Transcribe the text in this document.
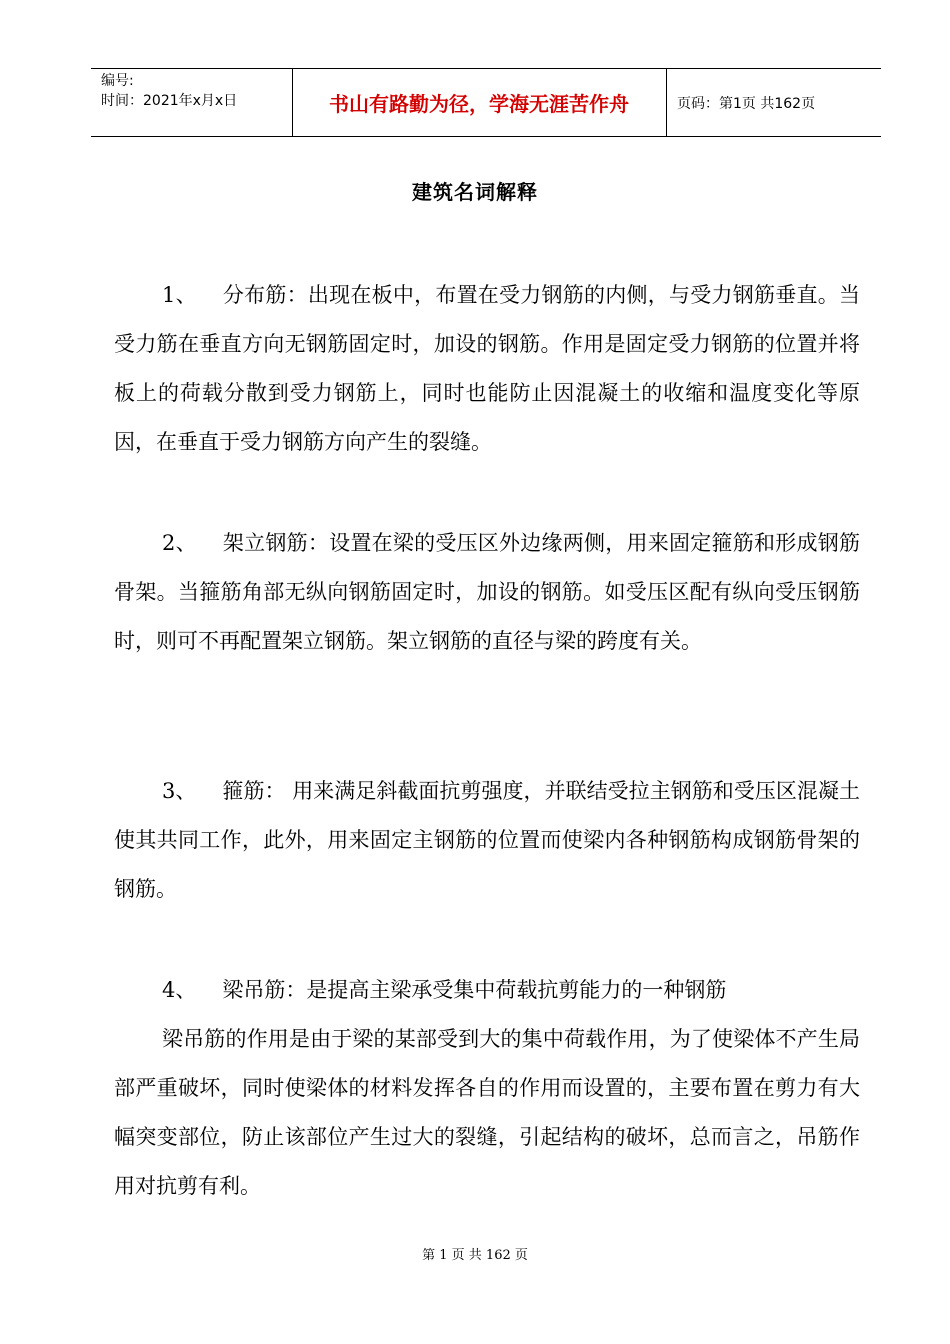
编号:
时间：2021年x月x日	书山有路勤为径，学海无涯苦作舟	页码：第1页 共162页
建筑名词解释
1、 分布筋：出现在板中，布置在受力钢筋的内侧，与受力钢筋垂直。当受力筋在垂直方向无钢筋固定时，加设的钢筋。作用是固定受力钢筋的位置并将板上的荷载分散到受力钢筋上，同时也能防止因混凝土的收缩和温度变化等原因，在垂直于受力钢筋方向产生的裂缝。
2、 架立钢筋：设置在梁的受压区外边缘两侧，用来固定箍筋和形成钢筋骨架。当箍筋角部无纵向钢筋固定时，加设的钢筋。如受压区配有纵向受压钢筋时，则可不再配置架立钢筋。架立钢筋的直径与梁的跨度有关。
3、 箍筋： 用来满足斜截面抗剪强度，并联结受拉主钢筋和受压区混凝土使其共同工作，此外，用来固定主钢筋的位置而使梁内各种钢筋构成钢筋骨架的钢筋。
4、 梁吊筋：是提高主梁承受集中荷载抗剪能力的一种钢筋
梁吊筋的作用是由于梁的某部受到大的集中荷载作用，为了使梁体不产生局部严重破坏，同时使梁体的材料发挥各自的作用而设置的，主要布置在剪力有大幅突变部位，防止该部位产生过大的裂缝，引起结构的破坏，总而言之，吊筋作用对抗剪有利。
第 1 页 共 162 页
